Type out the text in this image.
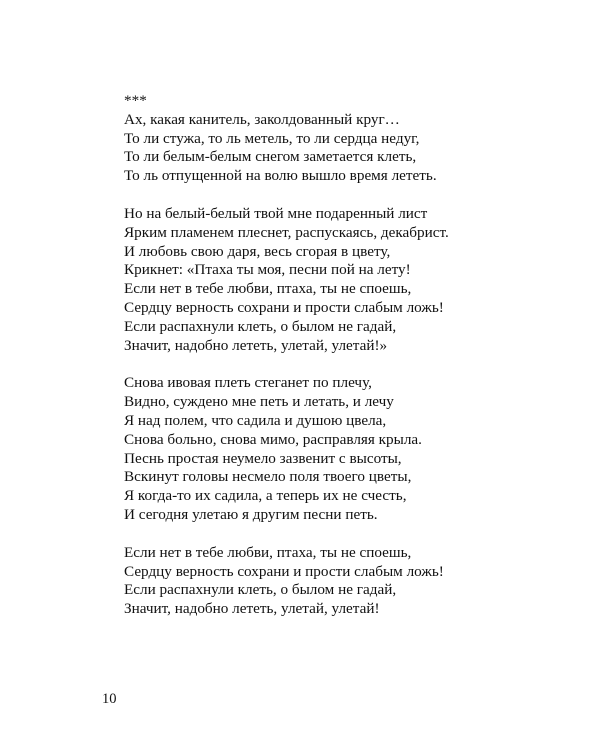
***
Ах, какая канитель, заколдованный круг…
То ли стужа, то ль метель, то ли сердца недуг,
То ли белым-белым снегом заметается клеть,
То ль отпущенной на волю вышло время лететь.
Но на белый-белый твой мне подаренный лист
Ярким пламенем плеснет, распускаясь, декабрист.
И любовь свою даря, весь сгорая в цвету,
Крикнет: «Птаха ты моя, песни пой на лету!
Если нет в тебе любви, птаха, ты не споешь,
Сердцу верность сохрани и прости слабым ложь!
Если распахнули клеть, о былом не гадай,
Значит, надобно лететь, улетай, улетай!»
Снова ивовая плеть стеганет по плечу,
Видно, суждено мне петь и летать, и лечу
Я над полем, что садила и душою цвела,
Снова больно, снова мимо, расправляя крыла.
Песнь простая неумело зазвенит с высоты,
Вскинут головы несмело поля твоего цветы,
Я когда-то их садила, а теперь их не счесть,
И сегодня улетаю я другим песни петь.
Если нет в тебе любви, птаха, ты не споешь,
Сердцу верность сохрани и прости слабым ложь!
Если распахнули клеть, о былом не гадай,
Значит, надобно лететь, улетай, улетай!
10
